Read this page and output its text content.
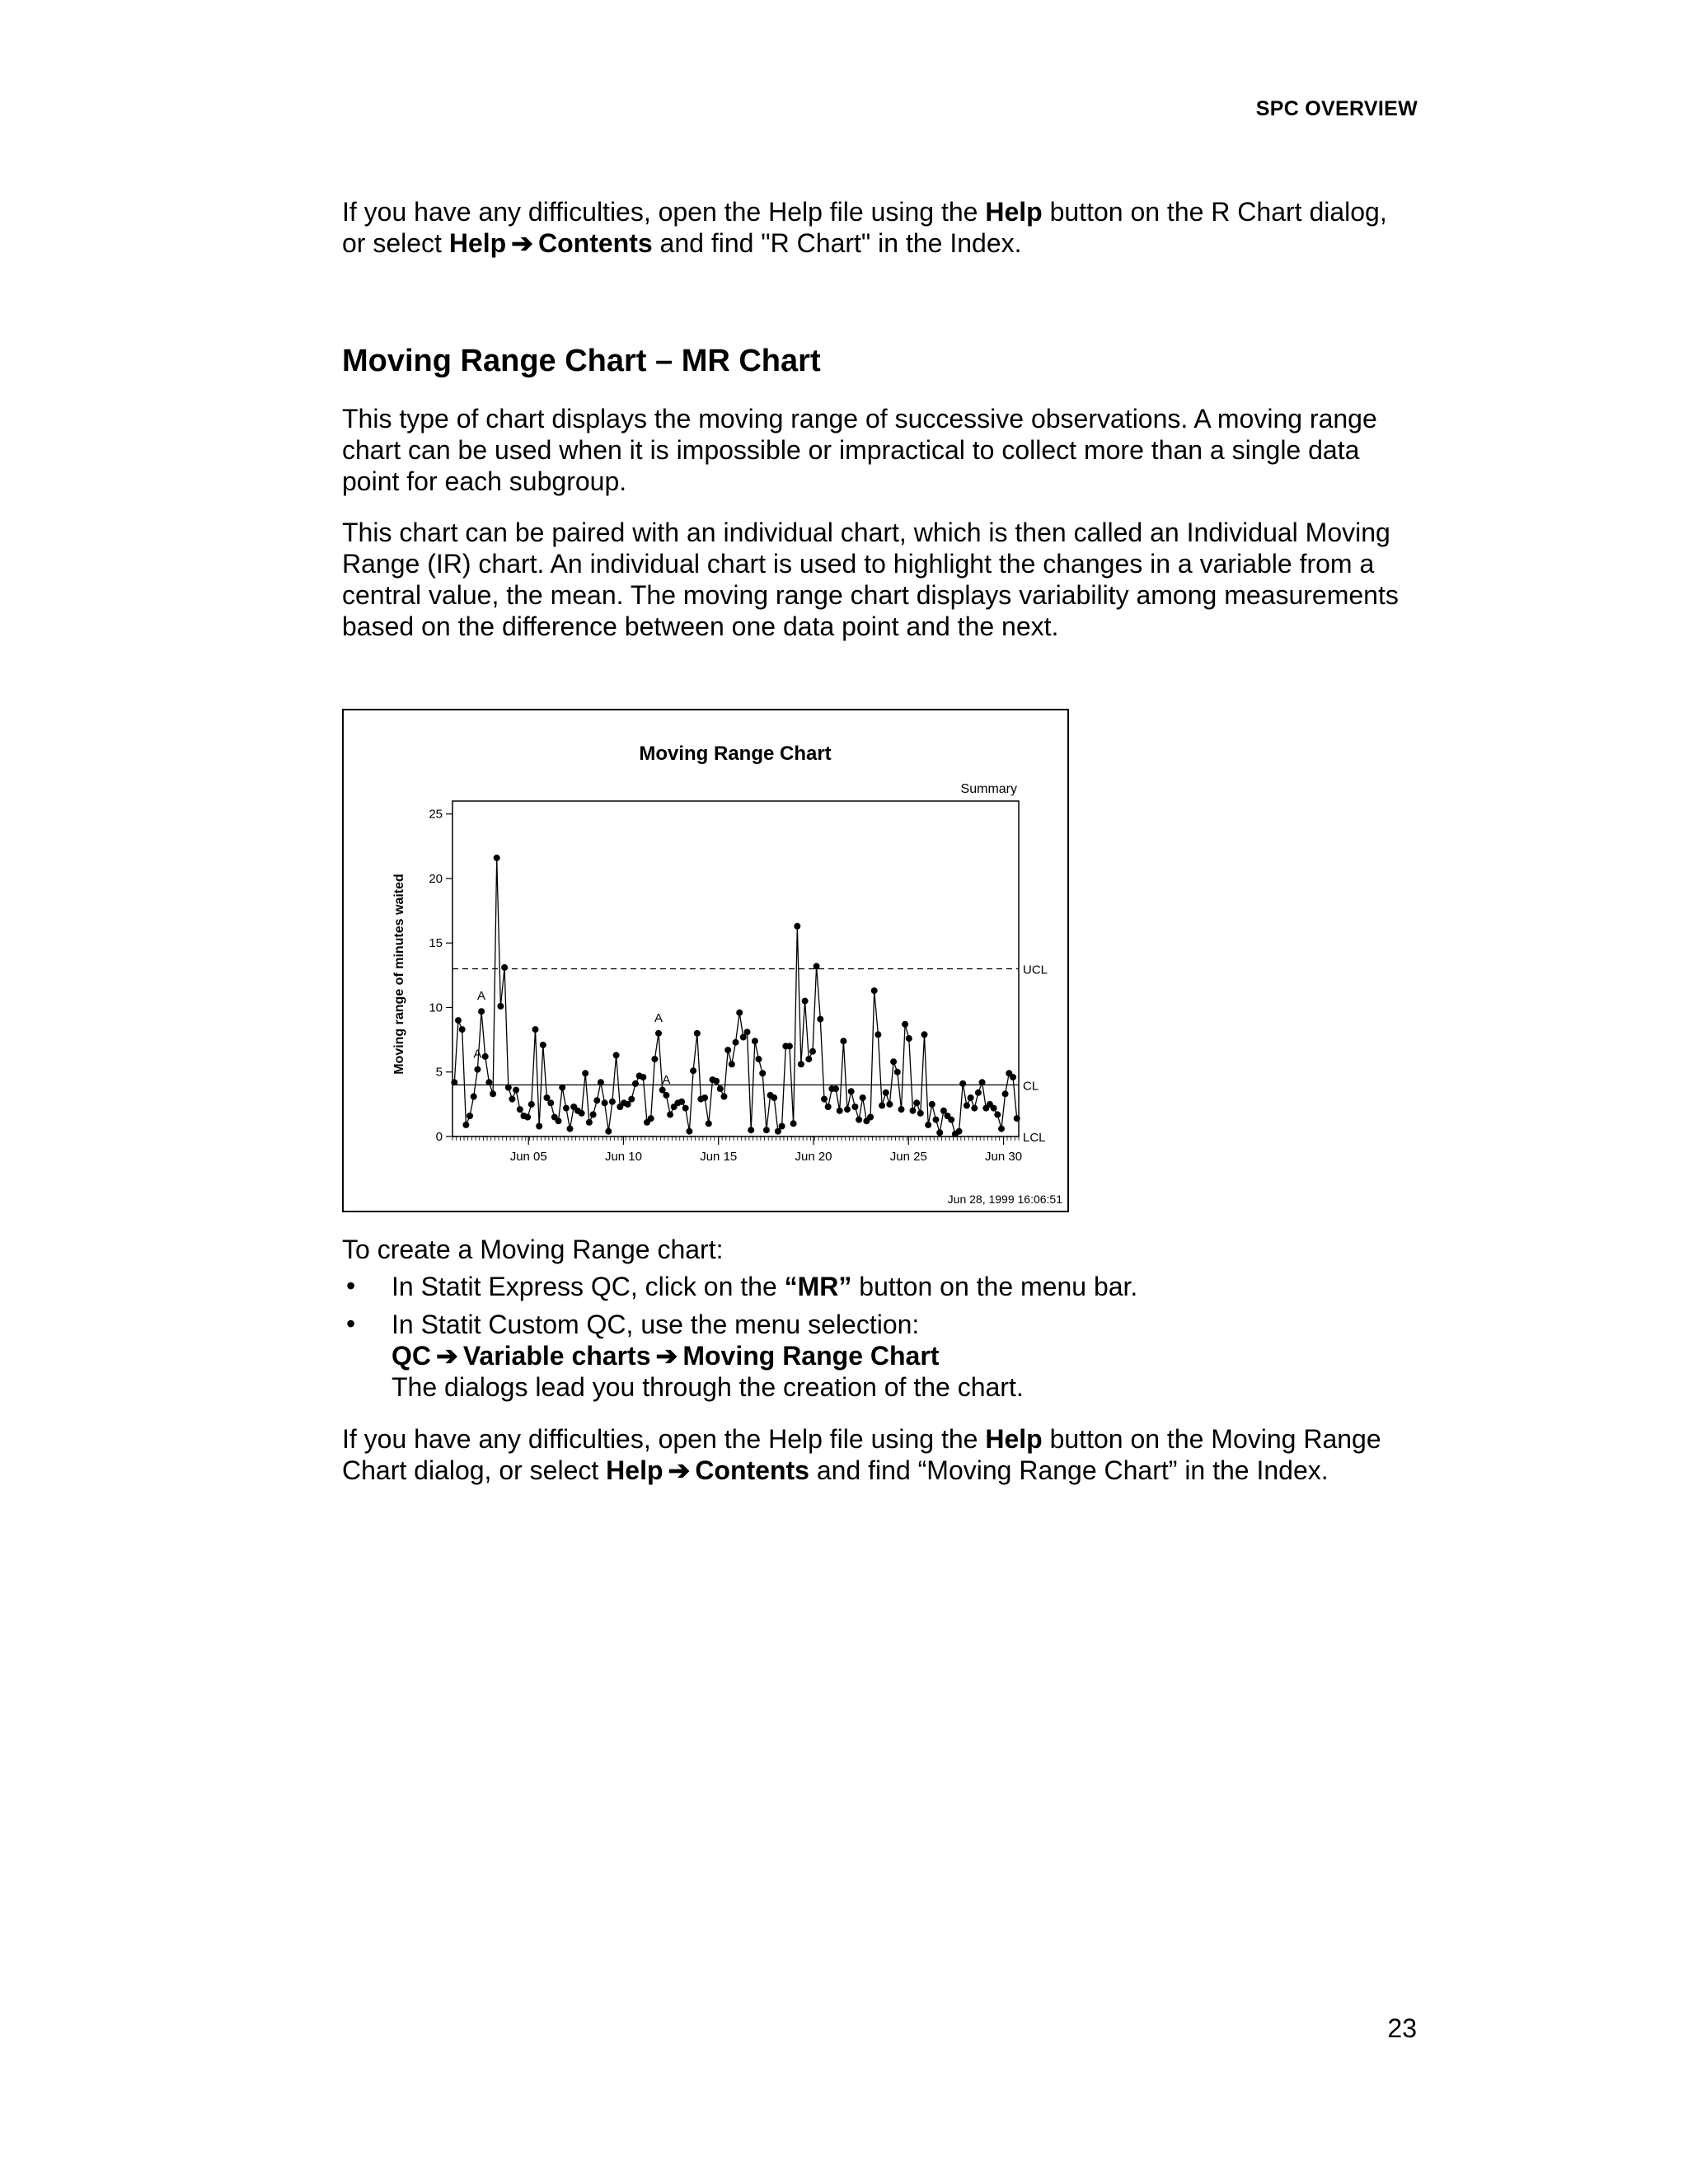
SPC OVERVIEW

If you have any difficulties, open the Help file using the Help button on the R Chart dialog,
or select Help ➔ Contents and find "R Chart" in the Index.

Moving Range Chart – MR Chart

This type of chart displays the moving range of successive observations. A moving range chart can be used when it is impossible or impractical to collect more than a single data point for each subgroup.

This chart can be paired with an individual chart, which is then called an Individual Moving Range (IR) chart. An individual chart is used to highlight the changes in a variable from a central value, the mean. The moving range chart displays variability among measurements based on the difference between one data point and the next.

Moving Range Chart
Summary
Moving range of minutes waited
Jun 28, 1999 16:06:51
0
5
10
15
20
25
Jun 05	Jun 10	Jun 15	Jun 20	Jun 25	Jun 30
UCL
CL
LCL
A
A
A
A

To create a Moving Range chart:

• In Statit Express QC, click on the “MR” button on the menu bar.

• In Statit Custom QC, use the menu selection:
QC ➔ Variable charts ➔ Moving Range Chart
The dialogs lead you through the creation of the chart.

If you have any difficulties, open the Help file using the Help button on the Moving Range
Chart dialog, or select Help ➔ Contents and find “Moving Range Chart” in the Index.

23
